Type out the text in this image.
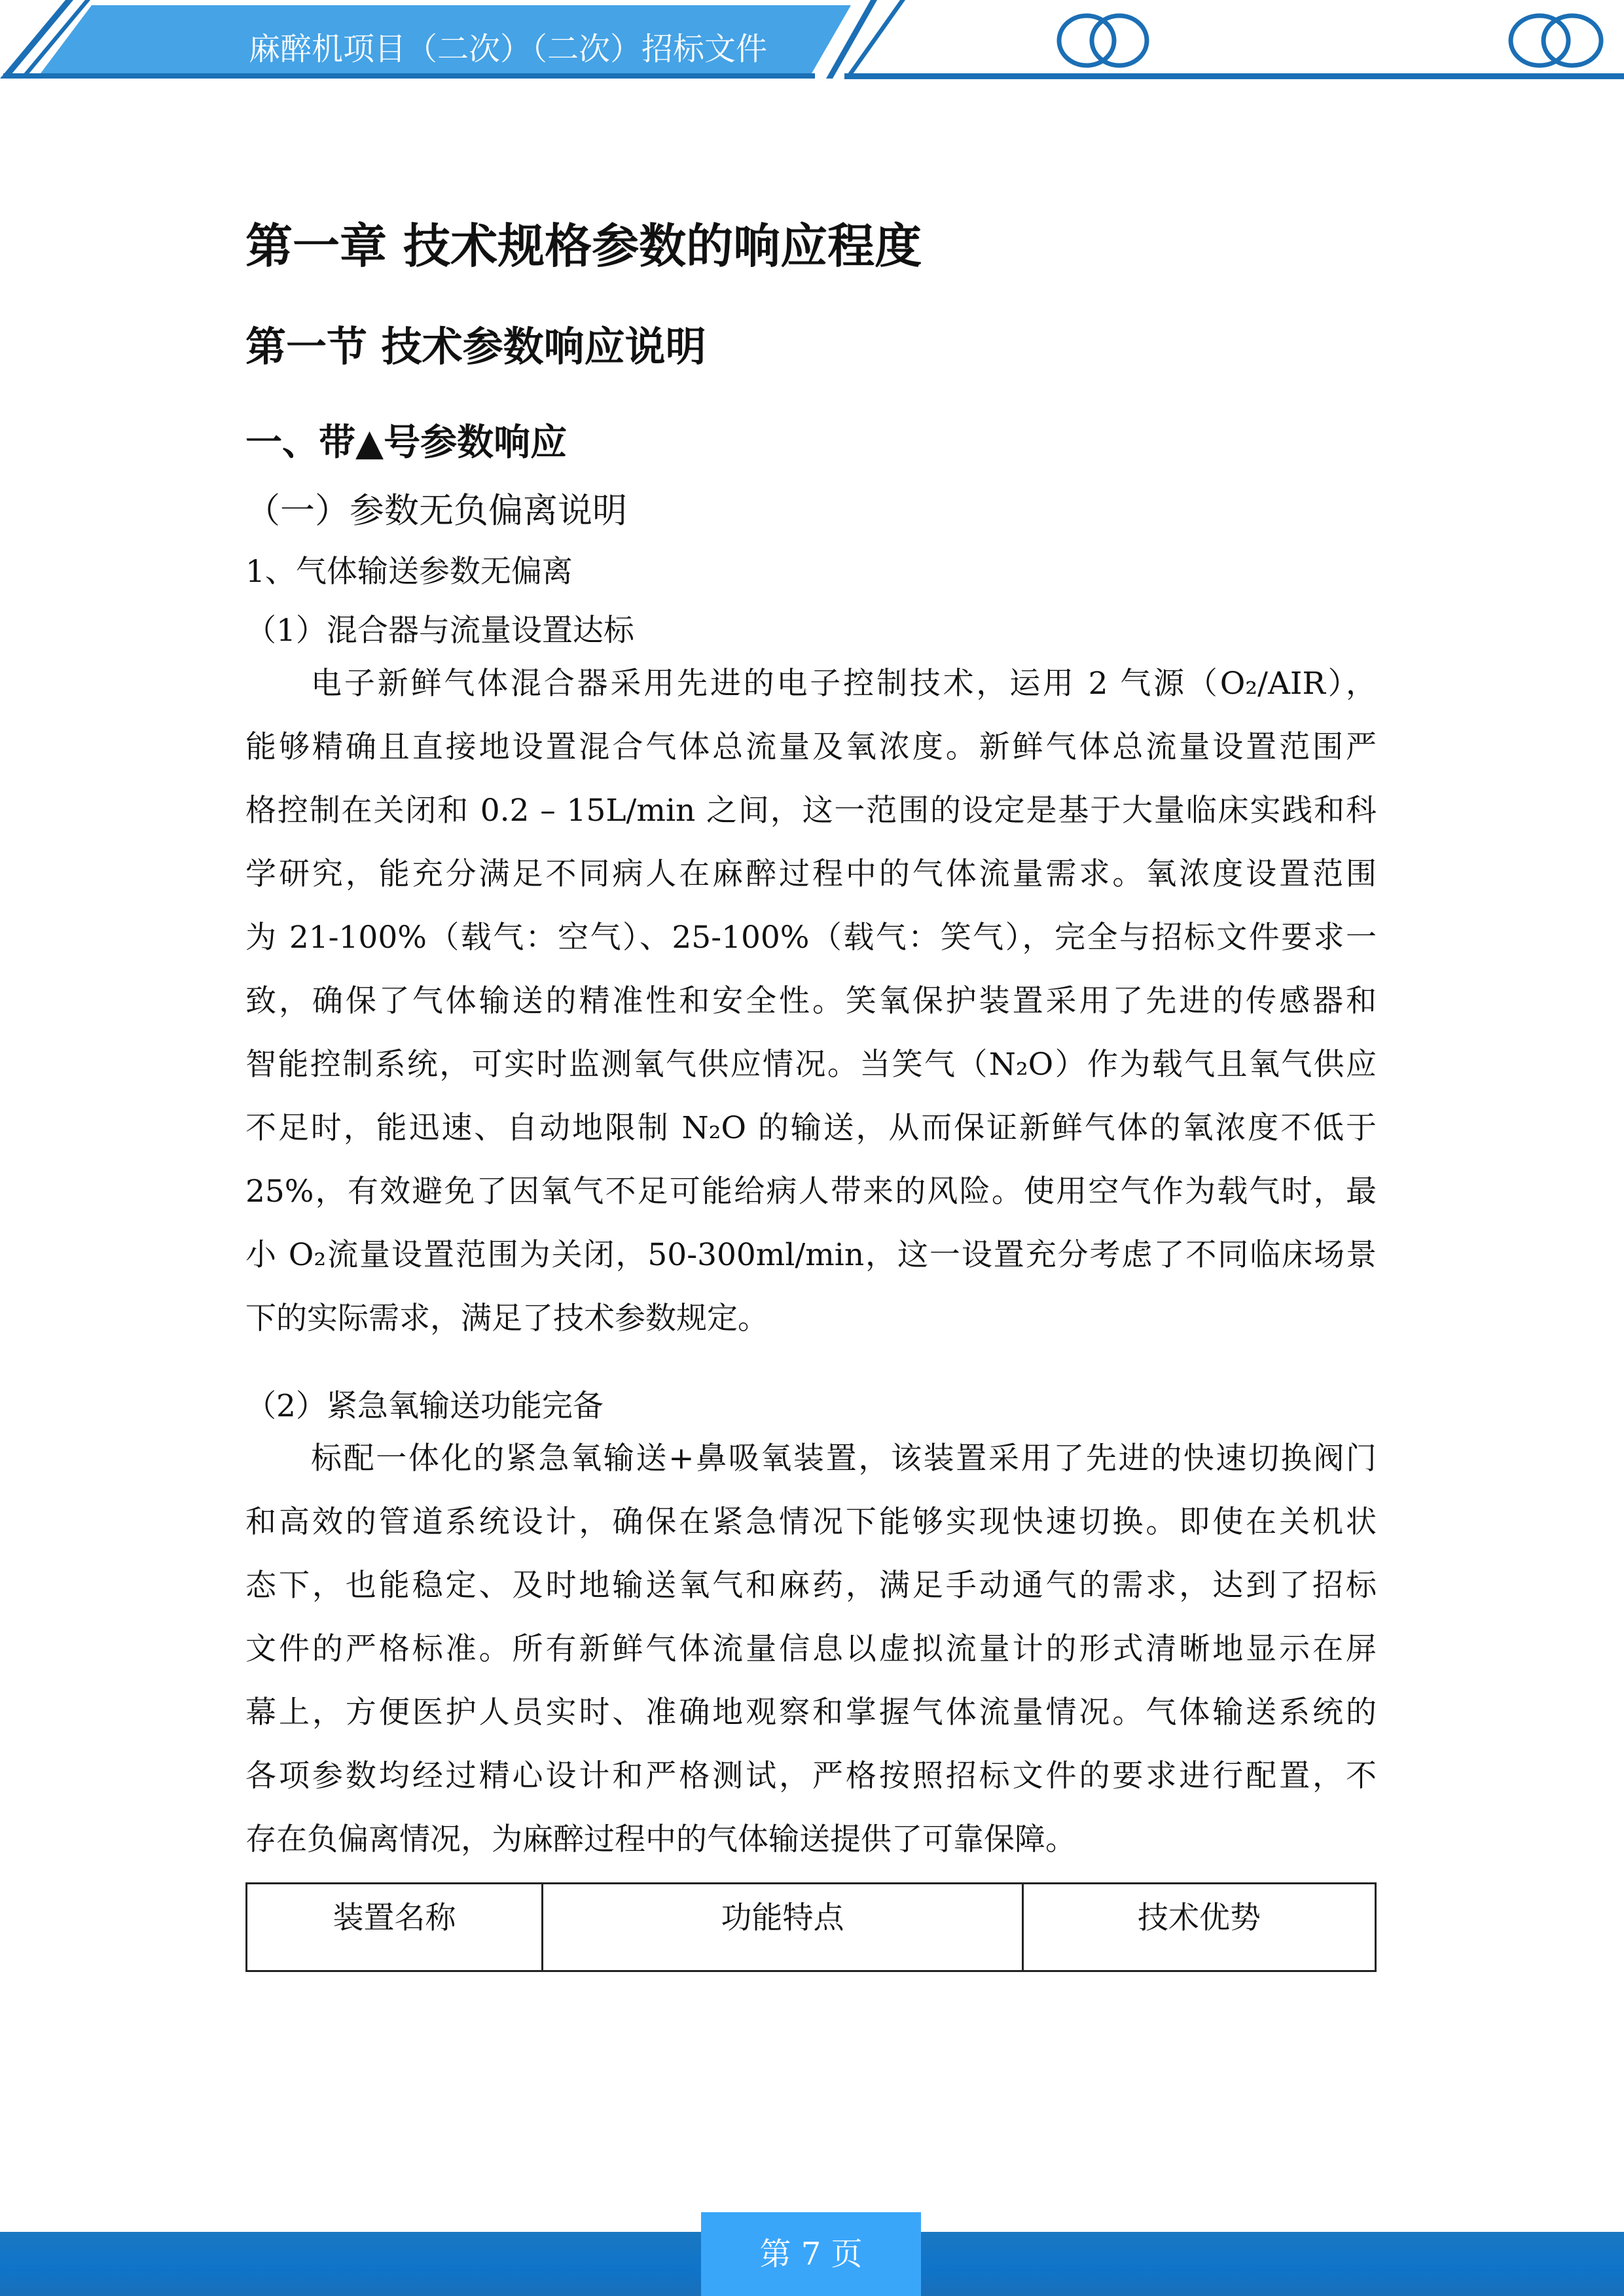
麻醉机项目（二次）（二次）招标文件
第一章 技术规格参数的响应程度
第一节 技术参数响应说明
一、带▲号参数响应
（一）参数无负偏离说明
1、气体输送参数无偏离
（1）混合器与流量设置达标
电子新鲜气体混合器采用先进的电子控制技术，运用 2 气源（O₂/AIR），
能够精确且直接地设置混合气体总流量及氧浓度。新鲜气体总流量设置范围严
格控制在关闭和 0.2 – 15L/min 之间，这一范围的设定是基于大量临床实践和科
学研究，能充分满足不同病人在麻醉过程中的气体流量需求。氧浓度设置范围
为 21-100%（载气：空气）、25-100%（载气：笑气），完全与招标文件要求一
致，确保了气体输送的精准性和安全性。笑氧保护装置采用了先进的传感器和
智能控制系统，可实时监测氧气供应情况。当笑气（N₂O）作为载气且氧气供应
不足时，能迅速、自动地限制 N₂O 的输送，从而保证新鲜气体的氧浓度不低于
25%，有效避免了因氧气不足可能给病人带来的风险。使用空气作为载气时，最
小 O₂流量设置范围为关闭，50-300ml/min，这一设置充分考虑了不同临床场景
下的实际需求，满足了技术参数规定。
（2）紧急氧输送功能完备
标配一体化的紧急氧输送+鼻吸氧装置，该装置采用了先进的快速切换阀门
和高效的管道系统设计，确保在紧急情况下能够实现快速切换。即使在关机状
态下，也能稳定、及时地输送氧气和麻药，满足手动通气的需求，达到了招标
文件的严格标准。所有新鲜气体流量信息以虚拟流量计的形式清晰地显示在屏
幕上，方便医护人员实时、准确地观察和掌握气体流量情况。气体输送系统的
各项参数均经过精心设计和严格测试，严格按照招标文件的要求进行配置，不
存在负偏离情况，为麻醉过程中的气体输送提供了可靠保障。
装置名称	功能特点	技术优势
第 7 页
